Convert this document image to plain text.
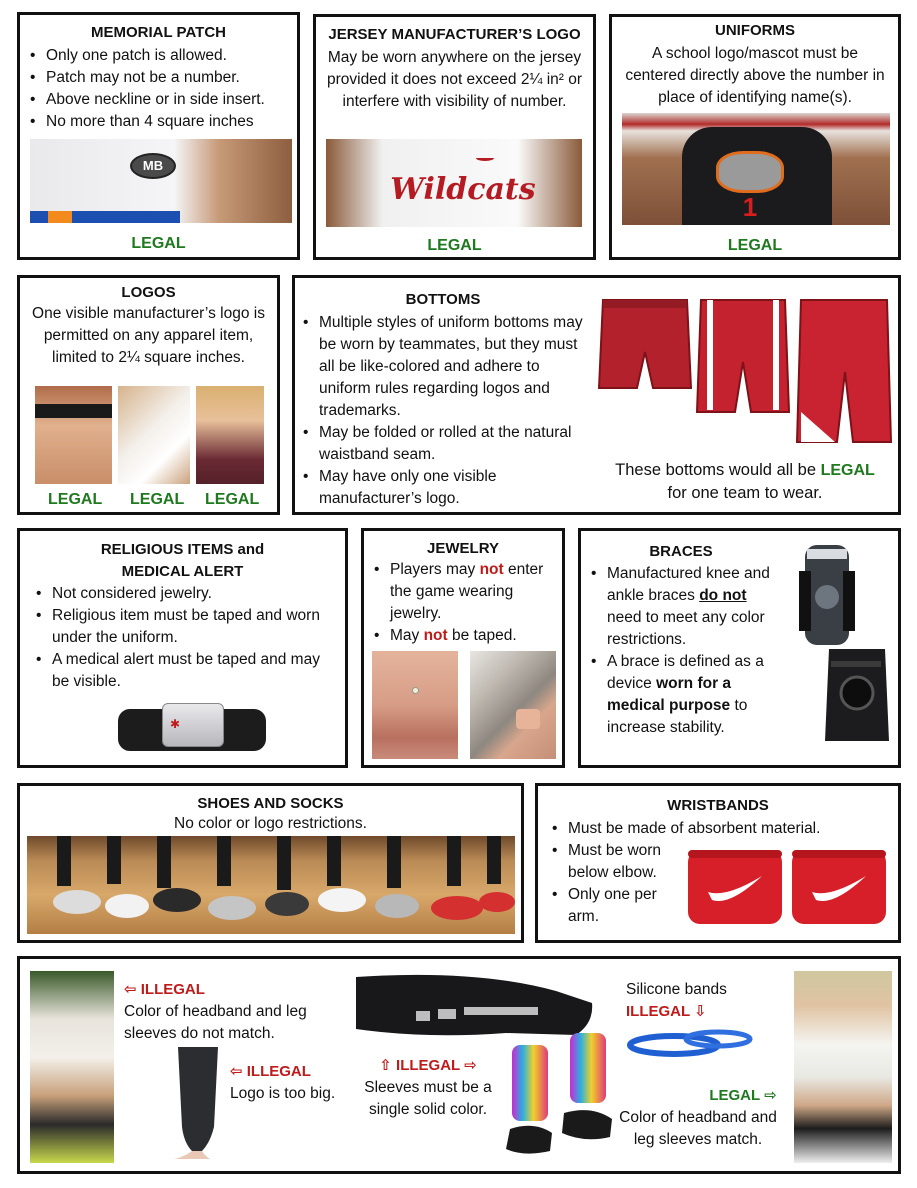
MEMORIAL PATCH
• Only one patch is allowed.
• Patch may not be a number.
• Above neckline or in side insert.
• No more than 4 square inches
MB
LEGAL
JERSEY MANUFACTURER’S LOGO
May be worn anywhere on the jersey provided it does not exceed 2¼ in² or interfere with visibility of number.
Wildcats
LEGAL
UNIFORMS
A school logo/mascot must be centered directly above the number in place of identifying name(s).
1
LEGAL
LOGOS
One visible manufacturer’s logo is permitted on any apparel item, limited to 2¼ square inches.
LEGAL LEGAL LEGAL
BOTTOMS
• Multiple styles of uniform bottoms may be worn by teammates, but they must all be like-colored and adhere to uniform rules regarding logos and trademarks.
• May be folded or rolled at the natural waistband seam.
• May have only one visible manufacturer’s logo.
These bottoms would all be LEGAL
for one team to wear.
RELIGIOUS ITEMS and
MEDICAL ALERT
• Not considered jewelry.
• Religious item must be taped and worn under the uniform.
• A medical alert must be taped and may be visible.
✱
JEWELRY
• Players may not enter the game wearing jewelry.
• May not be taped.
BRACES
• Manufactured knee and ankle braces do not need to meet any color restrictions.
• A brace is defined as a device worn for a medical purpose to increase stability.
SHOES AND SOCKS
No color or logo restrictions.
WRISTBANDS
• Must be made of absorbent material.
• Must be worn below elbow.
• Only one per arm.
⇦ ILLEGAL
Color of headband and leg sleeves do not match.
⇦ ILLEGAL
Logo is too big.
⇧ ILLEGAL ⇨
Sleeves must be a single solid color.
Silicone bands
ILLEGAL ⇩
LEGAL ⇨
Color of headband and leg sleeves match.
